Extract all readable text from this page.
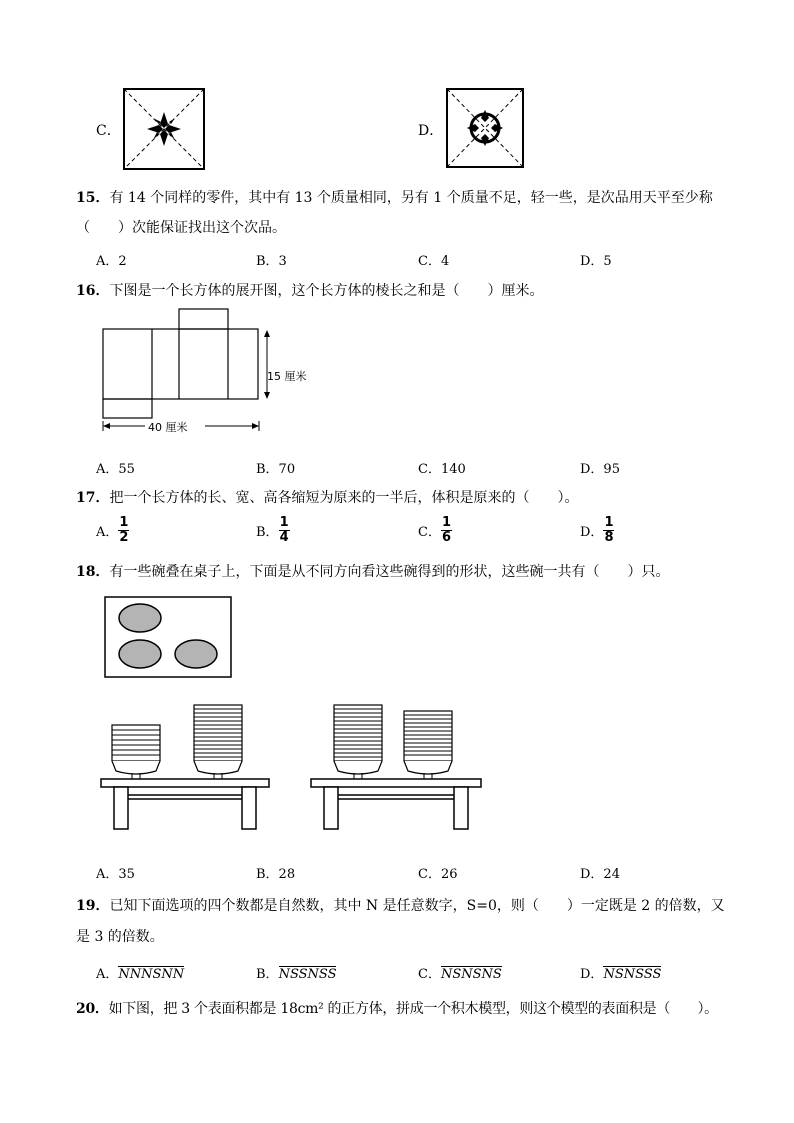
C．	D．
15．有 14 个同样的零件，其中有 13 个质量相同，另有 1 个质量不足，轻一些，是次品用天平至少称
（　　）次能保证找出这个次品。
A．2	B．3	C．4	D．5
16．下图是一个长方体的展开图，这个长方体的棱长之和是（　　）厘米。
15 厘米
40 厘米
A．55	B．70	C．140	D．95
17．把一个长方体的长、宽、高各缩短为原来的一半后，体积是原来的（　　）。
A． $\frac{1}{2}$	B． $\frac{1}{4}$	C． $\frac{1}{6}$	D． $\frac{1}{8}$
18．有一些碗叠在桌子上，下面是从不同方向看这些碗得到的形状，这些碗一共有（　　）只。
A．35	B．28	C．26	D．24
19．已知下面选项的四个数都是自然数，其中 N 是任意数字，S=0，则（　　）一定既是 2 的倍数，又
是 3 的倍数。
A．NNNSNN	B．NSSNSS	C．NSNSNS	D．NSNSSS
20．如下图，把 3 个表面积都是 18cm² 的正方体，拼成一个积木模型，则这个模型的表面积是（　　）。
